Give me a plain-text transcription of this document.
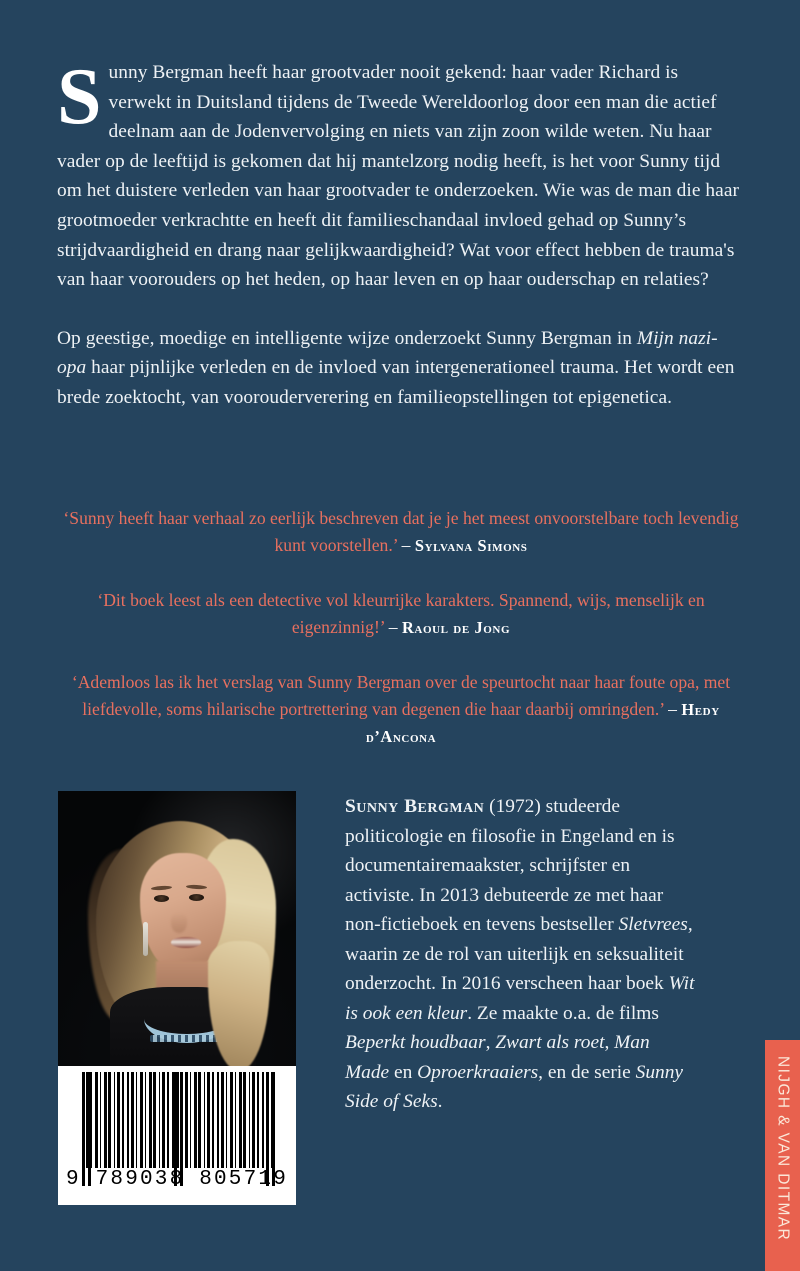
Sunny Bergman heeft haar grootvader nooit gekend: haar vader Richard is verwekt in Duitsland tijdens de Tweede Wereldoorlog door een man die actief deelnam aan de Jodenvervolging en niets van zijn zoon wilde weten. Nu haar vader op de leeftijd is gekomen dat hij mantelzorg nodig heeft, is het voor Sunny tijd om het duistere verleden van haar grootvader te onderzoeken. Wie was de man die haar grootmoeder verkrachtte en heeft dit familieschandaal invloed gehad op Sunny’s strijdvaardigheid en drang naar gelijkwaardigheid? Wat voor effect hebben de trauma's van haar voorouders op het heden, op haar leven en op haar ouderschap en relaties?

Op geestige, moedige en intelligente wijze onderzoekt Sunny Bergman in Mijn nazi-opa haar pijnlijke verleden en de invloed van intergenerationeel trauma. Het wordt een brede zoektocht, van voorouderverering en familieopstellingen tot epigenetica.

‘Sunny heeft haar verhaal zo eerlijk beschreven dat je je het meest onvoorstelbare toch levendig kunt voorstellen.’ – Sylvana Simons

‘Dit boek leest als een detective vol kleurrijke karakters. Spannend, wijs, menselijk en eigenzinnig!’ – Raoul de Jong

‘Ademloos las ik het verslag van Sunny Bergman over de speurtocht naar haar foute opa, met liefdevolle, soms hilarische portrettering van degenen die haar daarbij omringden.’ – Hedy d’Ancona

9 789038 805719
Sunny Bergman (1972) studeerde politicologie en filosofie in Engeland en is documentairemaakster, schrijfster en activiste. In 2013 debuteerde ze met haar non-fictieboek en tevens bestseller Sletvrees, waarin ze de rol van uiterlijk en seksualiteit onderzocht. In 2016 verscheen haar boek Wit is ook een kleur. Ze maakte o.a. de films Beperkt houdbaar, Zwart als roet, Man Made en Oproerkraaiers, en de serie Sunny Side of Seks.	NIJGH & VAN DITMAR
